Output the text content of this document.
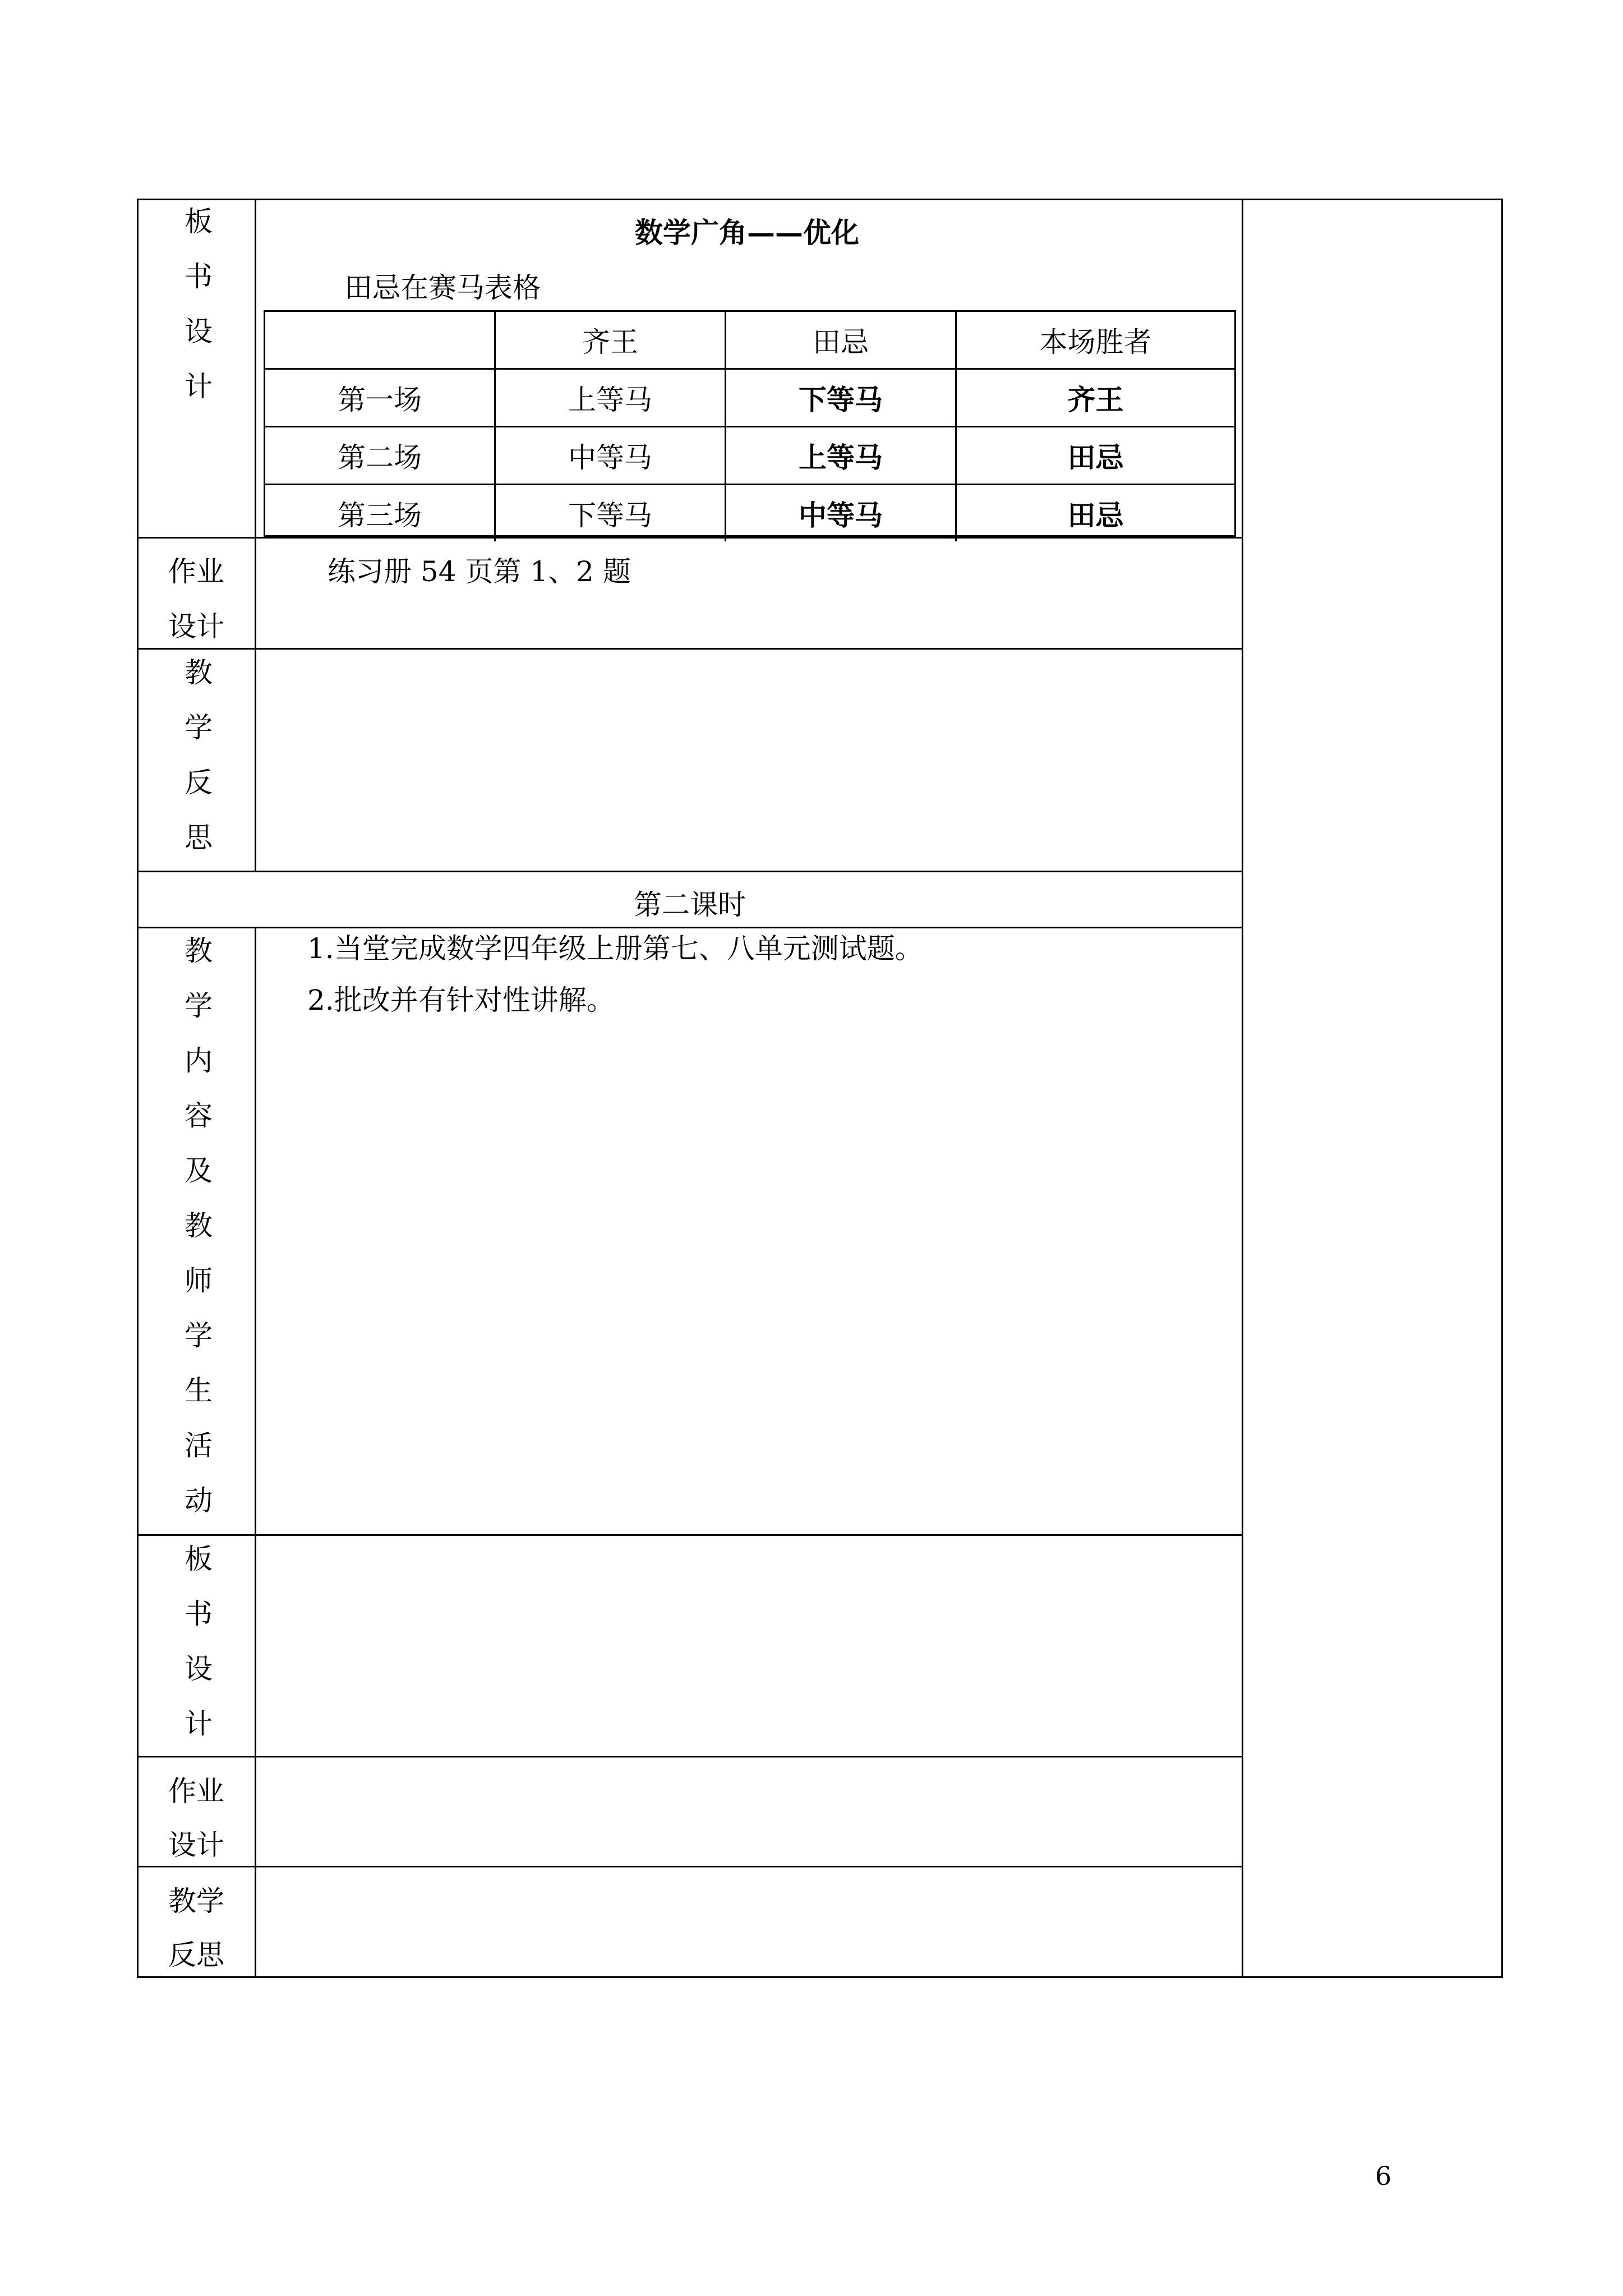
板书设计	数学广角——优化
田忌在赛马表格
	齐王	田忌	本场胜者
第一场	上等马	下等马	齐王
第二场	中等马	上等马	田忌
第三场	下等马	中等马	田忌
作业
设计
练习册 54 页第 1、2 题
教学反思
第二课时
教学内容及教师学生活动	1.当堂完成数学四年级上册第七、八单元测试题。
2.批改并有针对性讲解。
板书设计
作业
设计
教学
反思
6
